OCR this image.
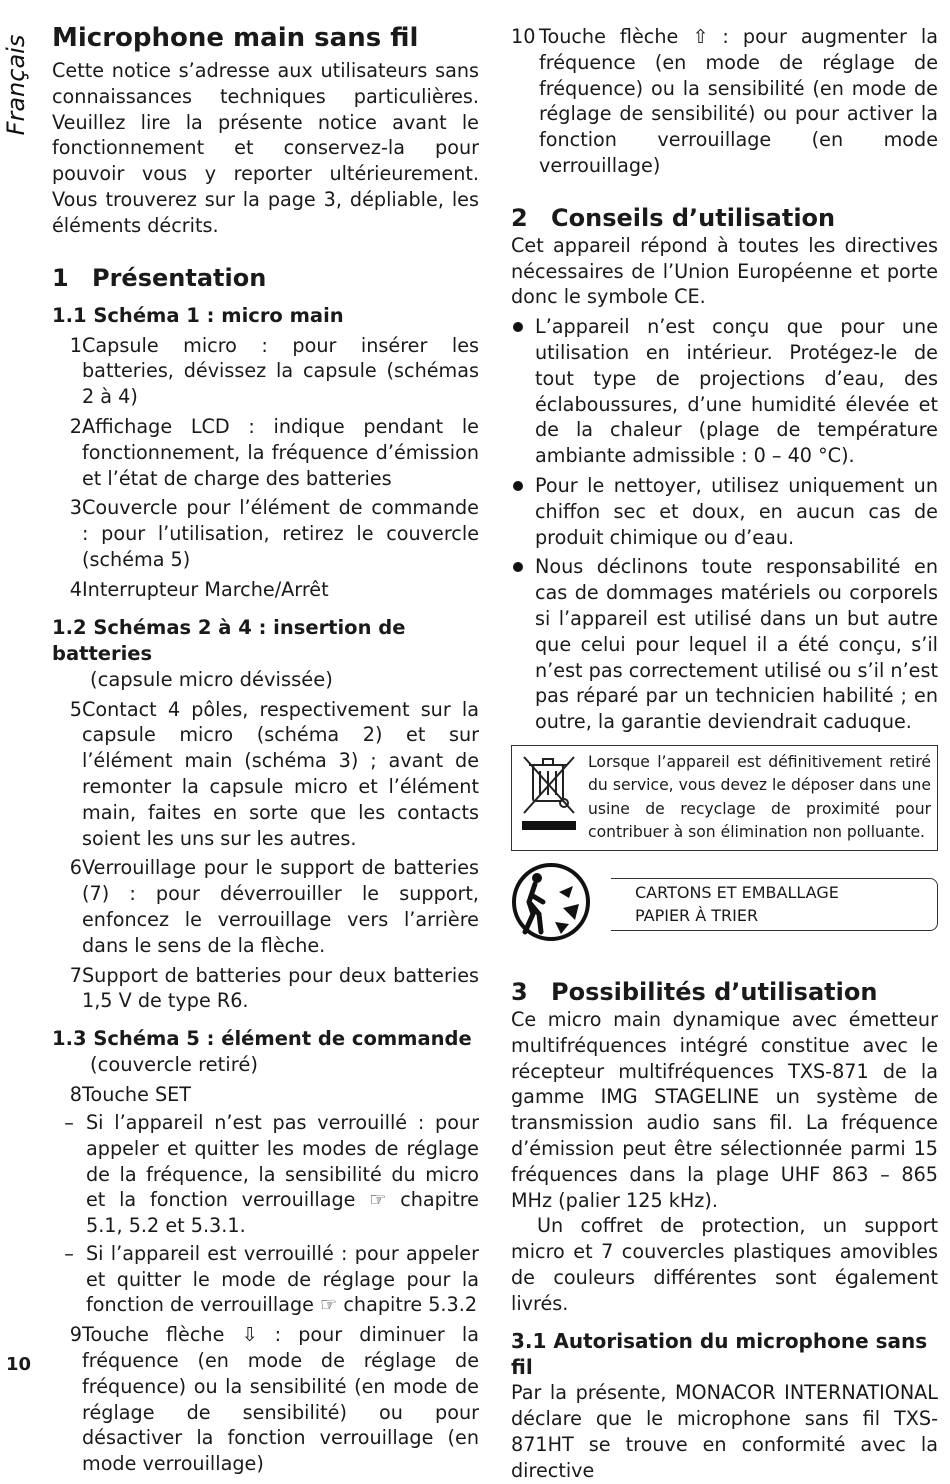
Français
10
Microphone main sans fil

Cette notice s’adresse aux utilisateurs sans connaissances techniques particulières. Veuillez lire la présente notice avant le fonctionnement et conservez-la pour pouvoir vous y reporter ultérieurement. Vous trouverez sur la page 3, dépliable, les éléments décrits.

1 Présentation
1.1 Schéma 1 : micro main
1 Capsule micro : pour insérer les batteries, dévissez la capsule (schémas 2 à 4)
2 Affichage LCD : indique pendant le fonctionnement, la fréquence d’émission et l’état de charge des batteries
3 Couvercle pour l’élément de commande : pour l’utilisation, retirez le couvercle (schéma 5)
4 Interrupteur Marche/Arrêt
1.2 Schémas 2 à 4 : insertion de batteries
(capsule micro dévissée)
5 Contact 4 pôles, respectivement sur la capsule micro (schéma 2) et sur l’élément main (schéma 3) ; avant de remonter la capsule micro et l’élément main, faites en sorte que les contacts soient les uns sur les autres.
6 Verrouillage pour le support de batteries (7) : pour déverrouiller le support, enfoncez le verrouillage vers l’arrière dans le sens de la flèche.
7 Support de batteries pour deux batteries 1,5 V de type R6.
1.3 Schéma 5 : élément de commande
(couvercle retiré)
8 Touche SET
– Si l’appareil n’est pas verrouillé : pour appeler et quitter les modes de réglage de la fréquence, la sensibilité du micro et la fonction verrouillage ☞ chapitre 5.1, 5.2 et 5.3.1.
– Si l’appareil est verrouillé : pour appeler et quitter le mode de réglage pour la fonction de verrouillage ☞ chapitre 5.3.2
9 Touche flèche ⇩ : pour diminuer la fréquence (en mode de réglage de fréquence) ou la sensibilité (en mode de réglage de sensibilité) ou pour désactiver la fonction verrouillage (en mode verrouillage)
10 Touche flèche ⇧ : pour augmenter la fréquence (en mode de réglage de fréquence) ou la sensibilité (en mode de réglage de sensibilité) ou pour activer la fonction verrouillage (en mode verrouillage)
2 Conseils d’utilisation

Cet appareil répond à toutes les directives nécessaires de l’Union Européenne et porte donc le symbole CE.

L’appareil n’est conçu que pour une utilisation en intérieur. Protégez-le de tout type de projections d’eau, des éclaboussures, d’une humidité élevée et de la chaleur (plage de température ambiante admissible : 0 – 40 °C).
Pour le nettoyer, utilisez uniquement un chiffon sec et doux, en aucun cas de produit chimique ou d’eau.
Nous déclinons toute responsabilité en cas de dommages matériels ou corporels si l’appareil est utilisé dans un but autre que celui pour lequel il a été conçu, s’il n’est pas correctement utilisé ou s’il n’est pas réparé par un technicien habilité ; en outre, la garantie deviendrait caduque.
Lorsque l’appareil est définitivement retiré du service, vous devez le déposer dans une usine de recyclage de proximité pour contribuer à son élimination non polluante.
CARTONS ET EMBALLAGE
PAPIER À TRIER
3 Possibilités d’utilisation

Ce micro main dynamique avec émetteur multifréquences intégré constitue avec le récepteur multifréquences TXS-871 de la gamme IMG STAGELINE un système de transmission audio sans fil. La fréquence d’émission peut être sélectionnée parmi 15 fréquences dans la plage UHF 863 – 865 MHz (palier 125 kHz).

Un coffret de protection, un support micro et 7 couvercles plastiques amovibles de couleurs différentes sont également livrés.

3.1 Autorisation du microphone sans fil

Par la présente, MONACOR INTERNATIONAL déclare que le microphone sans fil TXS-871HT se trouve en conformité avec la directive
